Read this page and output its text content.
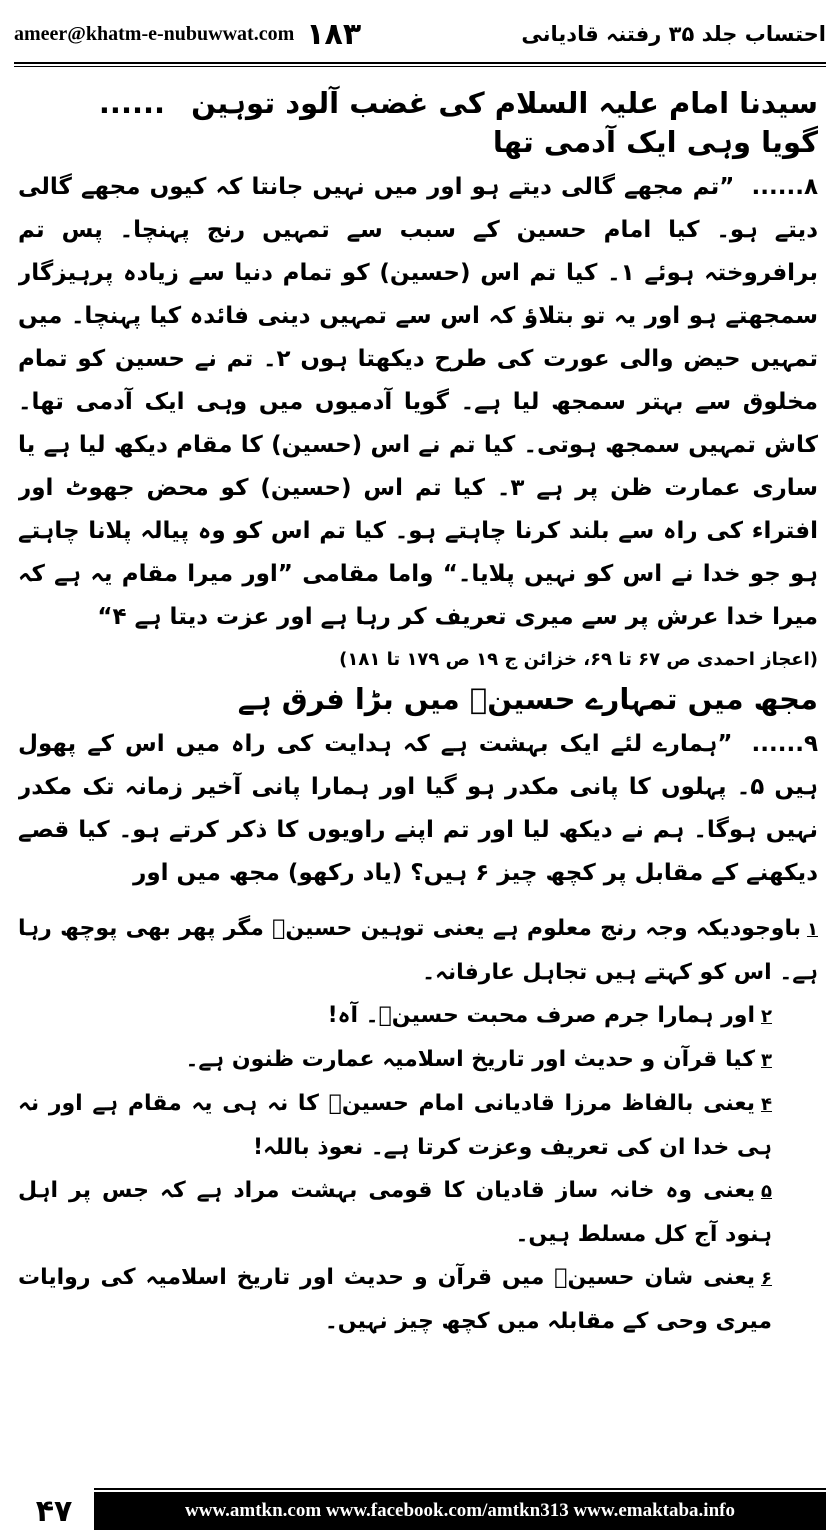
ameer@khatm-e-nubuwwat.com ۱۸۳	احتساب جلد ۳۵ رفتنہ قادیانی
سیدنا امام علیہ السلام کی غضب آلود توہین ...... گویا وہی ایک آدمی تھا

۸...... ”تم مجھے گالی دیتے ہو اور میں نہیں جانتا کہ کیوں مجھے گالی دیتے ہو۔ کیا امام حسین کے سبب سے تمہیں رنج پہنچا۔ پس تم برافروختہ ہوئے ۱۔ کیا تم اس (حسین) کو تمام دنیا سے زیادہ پرہیزگار سمجھتے ہو اور یہ تو بتلاؤ کہ اس سے تمہیں دینی فائدہ کیا پہنچا۔ میں تمہیں حیض والی عورت کی طرح دیکھتا ہوں ۲۔ تم نے حسین کو تمام مخلوق سے بہتر سمجھ لیا ہے۔ گویا آدمیوں میں وہی ایک آدمی تھا۔ کاش تمہیں سمجھ ہوتی۔ کیا تم نے اس (حسین) کا مقام دیکھ لیا ہے یا ساری عمارت ظن پر ہے ۳۔ کیا تم اس (حسین) کو محض جھوٹ اور افتراء کی راہ سے بلند کرنا چاہتے ہو۔ کیا تم اس کو وہ پیالہ پلانا چاہتے ہو جو خدا نے اس کو نہیں پلایا۔“ واما مقامی ”اور میرا مقام یہ ہے کہ میرا خدا عرش پر سے میری تعریف کر رہا ہے اور عزت دیتا ہے ۴“

(اعجاز احمدی ص ۶۷ تا ۶۹، خزائن ج ۱۹ ص ۱۷۹ تا ۱۸۱)
مجھ میں تمہارے حسینؓ میں بڑا فرق ہے

۹...... ”ہمارے لئے ایک بہشت ہے کہ ہدایت کی راہ میں اس کے پھول ہیں ۵۔ پہلوں کا پانی مکدر ہو گیا اور ہمارا پانی آخیر زمانہ تک مکدر نہیں ہوگا۔ ہم نے دیکھ لیا اور تم اپنے راویوں کا ذکر کرتے ہو۔ کیا قصے دیکھنے کے مقابل پر کچھ چیز ۶ ہیں؟ (یاد رکھو) مجھ میں اور

۱باوجودیکہ وجہ رنج معلوم ہے یعنی توہین حسینؓ مگر پھر بھی پوچھ رہا ہے۔ اس کو کہتے ہیں تجاہل عارفانہ۔

۲اور ہمارا جرم صرف محبت حسینؓ۔ آہ!

۳کیا قرآن و حدیث اور تاریخ اسلامیہ عمارت ظنون ہے۔

۴یعنی بالفاظ مرزا قادیانی امام حسینؓ کا نہ ہی یہ مقام ہے اور نہ ہی خدا ان کی تعریف وعزت کرتا ہے۔ نعوذ باللہ!

۵یعنی وہ خانہ ساز قادیان کا قومی بہشت مراد ہے کہ جس پر اہل ہنود آج کل مسلط ہیں۔

۶یعنی شان حسینؓ میں قرآن و حدیث اور تاریخ اسلامیہ کی روایات میری وحی کے مقابلہ میں کچھ چیز نہیں۔

۴۷	www.amtkn.com www.facebook.com/amtkn313 www.emaktaba.info
